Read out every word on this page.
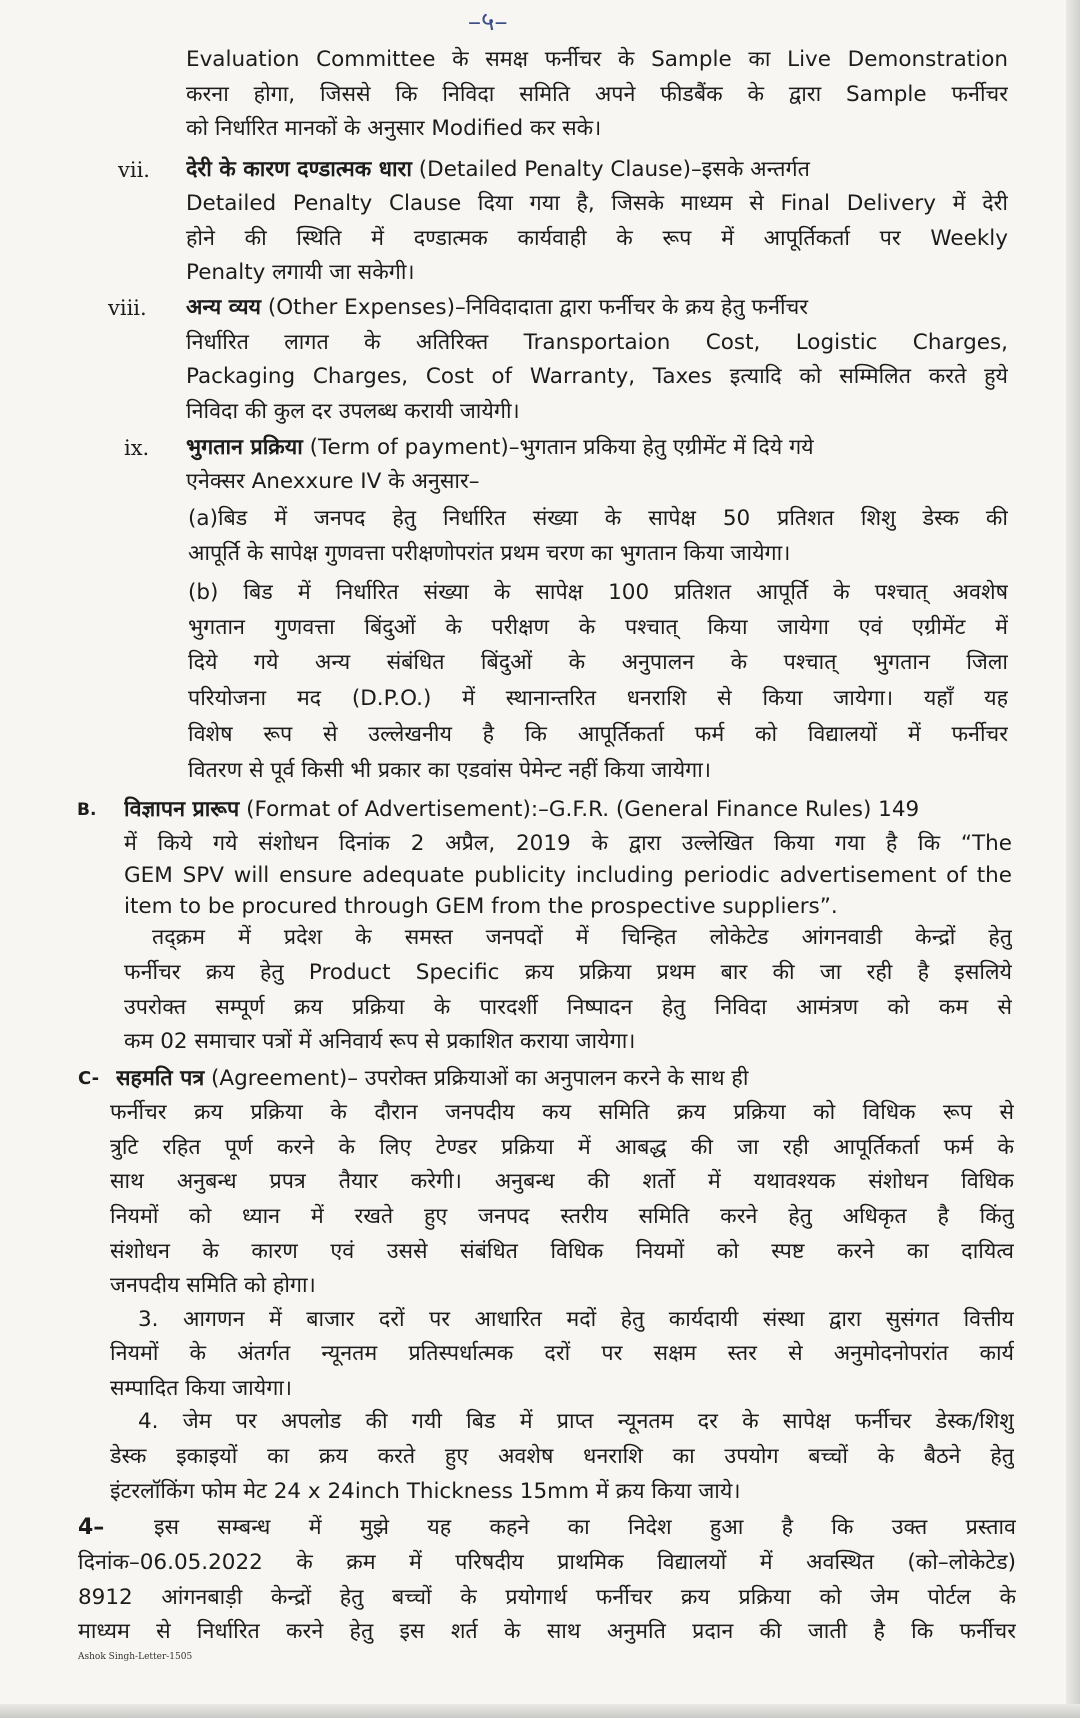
–५–
Evaluation Committee के समक्ष फर्नीचर के Sample का Live Demonstration
करना होगा, जिससे कि निविदा समिति अपने फीडबैंक के द्वारा Sample फर्नीचर
को निर्धारित मानकों के अनुसार Modified कर सके।
vii. देरी के कारण दण्डात्मक धारा (Detailed Penalty Clause)–इसके अन्तर्गत
Detailed Penalty Clause दिया गया है, जिसके माध्यम से Final Delivery में देरी
होने की स्थिति में दण्डात्मक कार्यवाही के रूप में आपूर्तिकर्ता पर Weekly
Penalty लगायी जा सकेगी।
viii. अन्य व्यय (Other Expenses)–निविदादाता द्वारा फर्नीचर के क्रय हेतु फर्नीचर
निर्धारित लागत के अतिरिक्त Transportaion Cost, Logistic Charges,
Packaging Charges, Cost of Warranty, Taxes इत्यादि को सम्मिलित करते हुये
निविदा की कुल दर उपलब्ध करायी जायेगी।
ix. भुगतान प्रक्रिया (Term of payment)–भुगतान प्रकिया हेतु एग्रीमेंट में दिये गये
एनेक्सर Anexxure IV के अनुसार–
(a)बिड में जनपद हेतु निर्धारित संख्या के सापेक्ष 50 प्रतिशत शिशु डेस्क की
आपूर्ति के सापेक्ष गुणवत्ता परीक्षणोपरांत प्रथम चरण का भुगतान किया जायेगा।
(b) बिड में निर्धारित संख्या के सापेक्ष 100 प्रतिशत आपूर्ति के पश्चात् अवशेष
भुगतान गुणवत्ता बिंदुओं के परीक्षण के पश्चात् किया जायेगा एवं एग्रीमेंट में
दिये गये अन्य संबंधित बिंदुओं के अनुपालन के पश्चात् भुगतान जिला
परियोजना मद (D.P.O.) में स्थानान्तरित धनराशि से किया जायेगा। यहाँ यह
विशेष रूप से उल्लेखनीय है कि आपूर्तिकर्ता फर्म को विद्यालयों में फर्नीचर
वितरण से पूर्व किसी भी प्रकार का एडवांस पेमेन्ट नहीं किया जायेगा।
B. विज्ञापन प्रारूप (Format of Advertisement):–G.F.R. (General Finance Rules) 149
में किये गये संशोधन दिनांक 2 अप्रैल, 2019 के द्वारा उल्लेखित किया गया है कि “The
GEM SPV will ensure adequate publicity including periodic advertisement of the
item to be procured through GEM from the prospective suppliers”.
तद्क्रम में प्रदेश के समस्त जनपदों में चिन्हित लोकेटेड आंगनवाडी केन्द्रों हेतु
फर्नीचर क्रय हेतु Product Specific क्रय प्रक्रिया प्रथम बार की जा रही है इसलिये
उपरोक्त सम्पूर्ण क्रय प्रक्रिया के पारदर्शी निष्पादन हेतु निविदा आमंत्रण को कम से
कम 02 समाचार पत्रों में अनिवार्य रूप से प्रकाशित कराया जायेगा।
C- सहमति पत्र (Agreement)– उपरोक्त प्रक्रियाओं का अनुपालन करने के साथ ही
फर्नीचर क्रय प्रक्रिया के दौरान जनपदीय कय समिति क्रय प्रक्रिया को विधिक रूप से
त्रुटि रहित पूर्ण करने के लिए टेण्डर प्रक्रिया में आबद्ध की जा रही आपूर्तिकर्ता फर्म के
साथ अनुबन्ध प्रपत्र तैयार करेगी। अनुबन्ध की शर्तो में यथावश्यक संशोधन विधिक
नियमों को ध्यान में रखते हुए जनपद स्तरीय समिति करने हेतु अधिकृत है किंतु
संशोधन के कारण एवं उससे संबंधित विधिक नियमों को स्पष्ट करने का दायित्व
जनपदीय समिति को होगा।
3. आगणन में बाजार दरों पर आधारित मदों हेतु कार्यदायी संस्था द्वारा सुसंगत वित्तीय
नियमों के अंतर्गत न्यूनतम प्रतिस्पर्धात्मक दरों पर सक्षम स्तर से अनुमोदनोपरांत कार्य
सम्पादित किया जायेगा।
4. जेम पर अपलोड की गयी बिड में प्राप्त न्यूनतम दर के सापेक्ष फर्नीचर डेस्क/शिशु
डेस्क इकाइयों का क्रय करते हुए अवशेष धनराशि का उपयोग बच्चों के बैठने हेतु
इंटरलॉकिंग फोम मेट 24 x 24inch Thickness 15mm में क्रय किया जाये।
4– इस सम्बन्ध में मुझे यह कहने का निदेश हुआ है कि उक्त प्रस्ताव
दिनांक–06.05.2022 के क्रम में परिषदीय प्राथमिक विद्यालयों में अवस्थित (को–लोकेटेड)
8912 आंगनबाड़ी केन्द्रों हेतु बच्चों के प्रयोगार्थ फर्नीचर क्रय प्रक्रिया को जेम पोर्टल के
माध्यम से निर्धारित करने हेतु इस शर्त के साथ अनुमति प्रदान की जाती है कि फर्नीचर
Ashok Singh-Letter-1505
